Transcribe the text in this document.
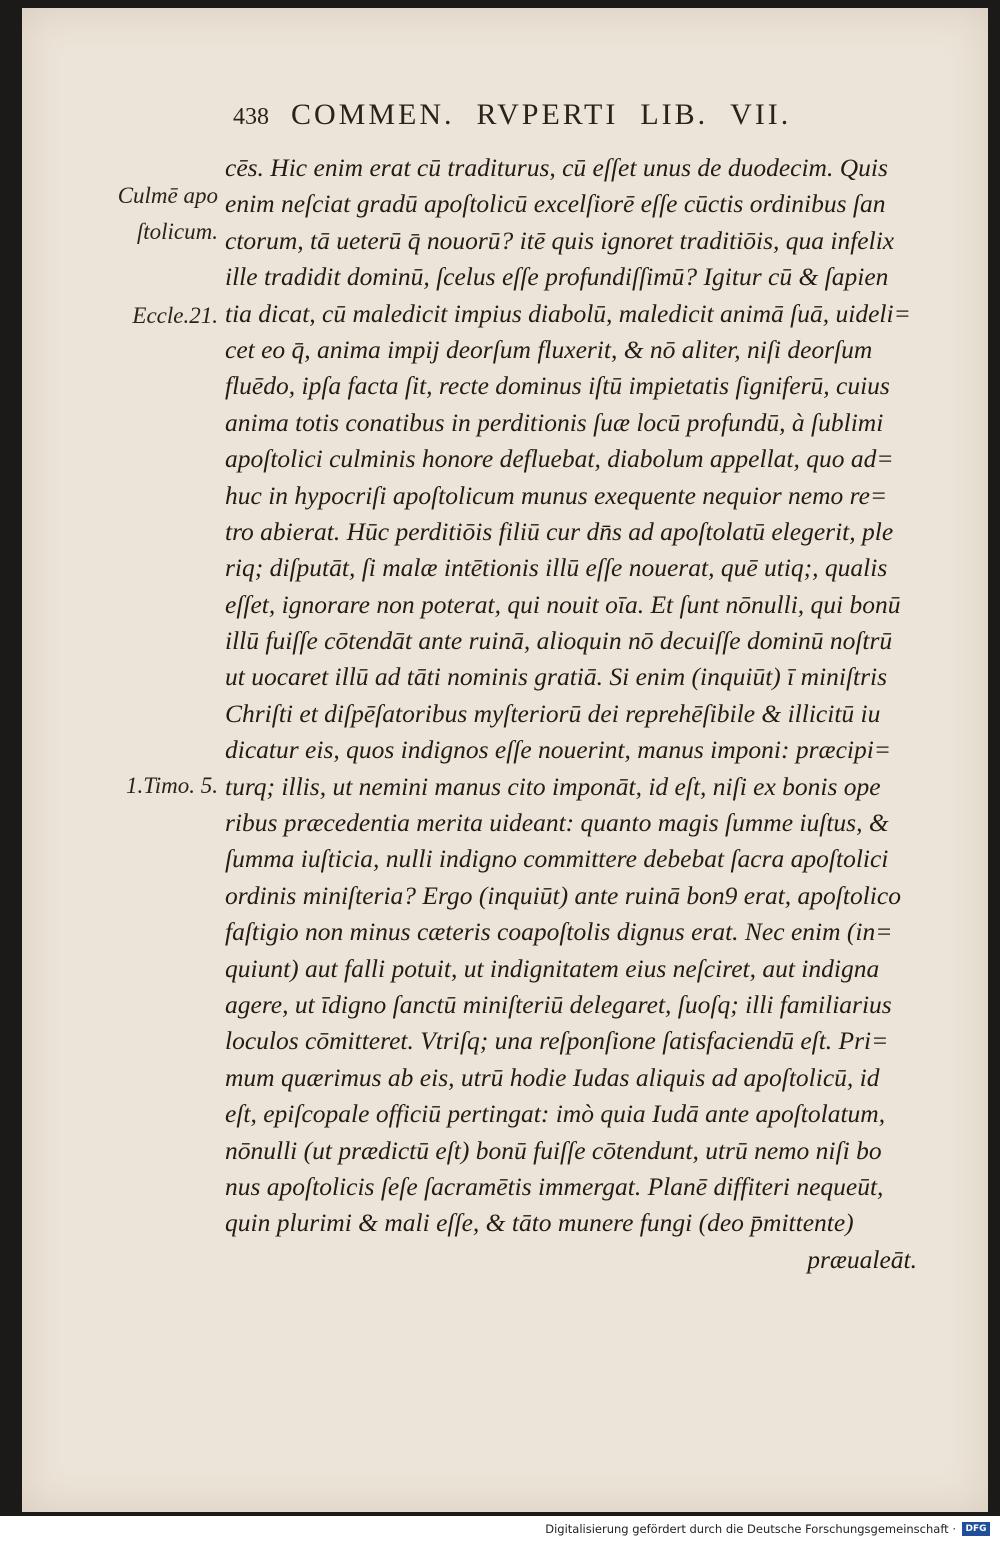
438 COMMEN. RVPERTI LIB. VII.
Culmē apo
ſtolicum.
Eccle.21.
1.Timo. 5.
cēs. Hic enim erat cū traditurus, cū eſſet unus de duodecim. Quis
enim neſciat gradū apoſtolicū excelſiorē eſſe cūctis ordinibus ſan
ctorum, tā ueterū q̄ nouorū? itē quis ignoret traditiōis, qua infelix
ille tradidit dominū, ſcelus eſſe profundiſſimū? Igitur cū & ſapien
tia dicat, cū maledicit impius diabolū, maledicit animā ſuā, uideli=
cet eo q̄, anima impij deorſum fluxerit, & nō aliter, niſi deorſum
fluēdo, ipſa facta ſit, recte dominus iſtū impietatis ſigniferū, cuius
anima totis conatibus in perditionis ſuæ locū profundū, à ſublimi
apoſtolici culminis honore defluebat, diabolum appellat, quo ad=
huc in hypocriſi apoſtolicum munus exequente nequior nemo re=
tro abierat. Hūc perditiōis filiū cur dn̄s ad apoſtolatū elegerit, ple
riq; diſputāt, ſi malæ intētionis illū eſſe nouerat, quē utiq;, qualis
eſſet, ignorare non poterat, qui nouit oīa. Et ſunt nōnulli, qui bonū
illū fuiſſe cōtendāt ante ruinā, alioquin nō decuiſſe dominū noſtrū
ut uocaret illū ad tāti nominis gratiā. Si enim (inquiūt) ī miniſtris
Chriſti et diſpēſatoribus myſteriorū dei reprehēſibile & illicitū iu
dicatur eis, quos indignos eſſe nouerint, manus imponi: præcipi=
turq; illis, ut nemini manus cito imponāt, id eſt, niſi ex bonis ope
ribus præcedentia merita uideant: quanto magis ſumme iuſtus, &
ſumma iuſticia, nulli indigno committere debebat ſacra apoſtolici
ordinis miniſteria? Ergo (inquiūt) ante ruinā bon9 erat, apoſtolico
faſtigio non minus cæteris coapoſtolis dignus erat. Nec enim (in=
quiunt) aut falli potuit, ut indignitatem eius neſciret, aut indigna
agere, ut īdigno ſanctū miniſteriū delegaret, ſuoſq; illi familiarius
loculos cōmitteret. Vtriſq; una reſponſione ſatisfaciendū eſt. Pri=
mum quærimus ab eis, utrū hodie Iudas aliquis ad apoſtolicū, id
eſt, epiſcopale officiū pertingat: imò quia Iudā ante apoſtolatum,
nōnulli (ut prædictū eſt) bonū fuiſſe cōtendunt, utrū nemo niſi bo
nus apoſtolicis ſeſe ſacramētis immergat. Planē diffiteri nequeūt,
quin plurimi & mali eſſe, & tāto munere fungi (deo p̄mittente)
præualeāt.
Digitalisierung gefördert durch die Deutsche Forschungsgemeinschaft ·	DFG
